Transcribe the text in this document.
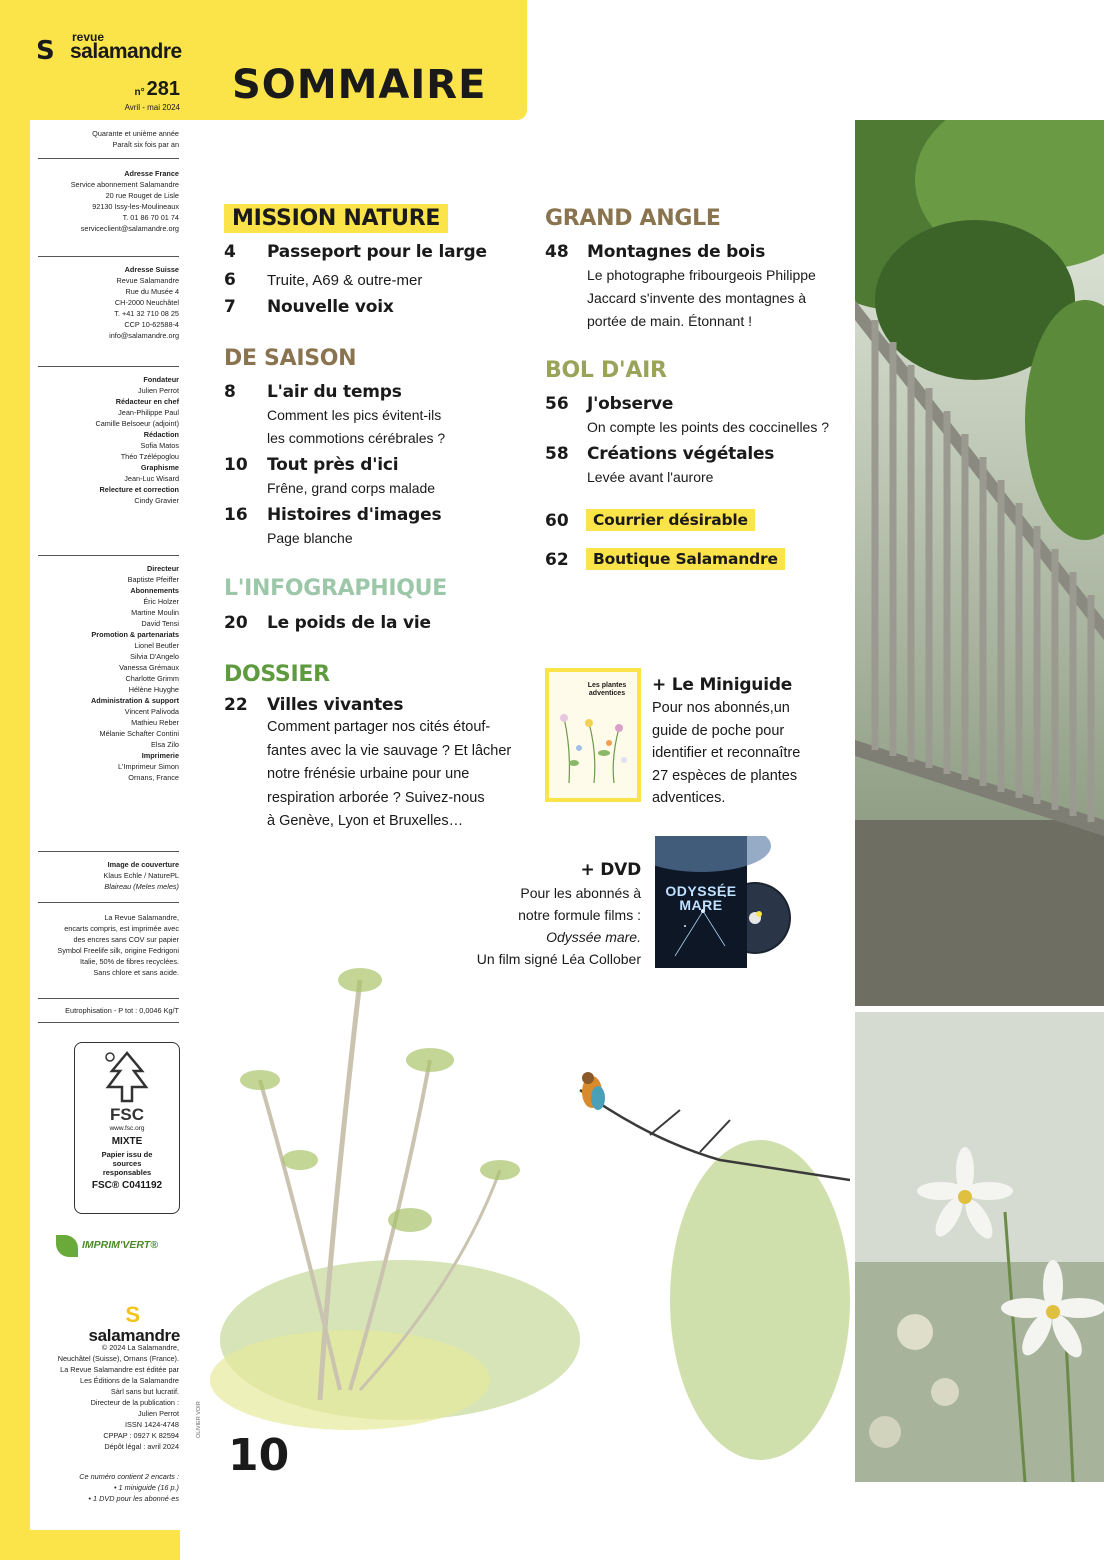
S revue
salamandre
n° 281
Avril - mai 2024 SOMMAIRE

Quarante et unième année

Paraît six fois par an

Adresse France

Service abonnement Salamandre

20 rue Rouget de Lisle

92130 Issy-les-Moulineaux

T. 01 86 70 01 74

serviceclient@salamandre.org

Adresse Suisse

Revue Salamandre

Rue du Musée 4

CH-2000 Neuchâtel

T. +41 32 710 08 25

CCP 10-62588-4

info@salamandre.org

Fondateur

Julien Perrot

Rédacteur en chef

Jean-Philippe Paul

Camille Belsoeur (adjoint)

Rédaction

Sofia Matos

Théo Tzélépoglou

Graphisme

Jean-Luc Wisard

Relecture et correction

Cindy Gravier

Directeur

Baptiste Pfeiffer

Abonnements

Éric Holzer

Martine Moulin

David Tensi

Promotion & partenariats

Lionel Beutler

Silvia D'Angelo

Vanessa Grémaux

Charlotte Grimm

Hélène Huyghe

Administration & support

Vincent Palivoda

Mathieu Reber

Mélanie Schafter Contini

Elsa Zilo

Imprimerie

L'Imprimeur Simon

Ornans, France

Image de couverture

Klaus Echle / NaturePL

Blaireau (Meles meles)

La Revue Salamandre,

encarts compris, est imprimée avec

des encres sans COV sur papier

Symbol Freelife silk, origine Fedrigoni

Italie, 50% de fibres recyclées.

Sans chlore et sans acide.

Eutrophisation - P tot : 0,0046 Kg/T

FSC
www.fsc.org
MIXTE
Papier issu de sources responsables
FSC® C041192
IMPRIM'VERT®
S
salamandre

© 2024 La Salamandre,

Neuchâtel (Suisse), Ornans (France).

La Revue Salamandre est éditée par

Les Éditions de la Salamandre

Sàrl sans but lucratif.

Directeur de la publication :

Julien Perrot

ISSN 1424-4748

CPPAP : 0927 K 82594

Dépôt légal : avril 2024

Ce numéro contient 2 encarts :

• 1 miniguide (16 p.)

• 1 DVD pour les abonné·es

MISSION NATURE
4 Passeport pour le large
6 Truite, A69 & outre-mer
7 Nouvelle voix
DE SAISON
8 L'air du temps
Comment les pics évitent-ils
les commotions cérébrales ?
10 Tout près d'ici
Frêne, grand corps malade
16 Histoires d'images
Page blanche
L'INFOGRAPHIQUE
20 Le poids de la vie
DOSSIER
22 Villes vivantes
Comment partager nos cités étouf-
fantes avec la vie sauvage ? Et lâcher
notre frénésie urbaine pour une
respiration arborée ? Suivez-nous
à Genève, Lyon et Bruxelles…
GRAND ANGLE
48 Montagnes de bois
Le photographe fribourgeois Philippe
Jaccard s'invente des montagnes à
portée de main. Étonnant !
BOL D'AIR
56 J'observe
On compte les points des coccinelles ?
58 Créations végétales
Levée avant l'aurore
60	Courrier désirable
62	Boutique Salamandre
Les plantes adventices	+ Le Miniguide
Pour nos abonnés,un
guide de poche pour
identifier et reconnaître
27 espèces de plantes
adventices.
+ DVD
Pour les abonnés à
notre formule films :
Odyssée mare.
Un film signé Léa Collober
ODYSSÉE MARE
OLIVIER VOIR
10
